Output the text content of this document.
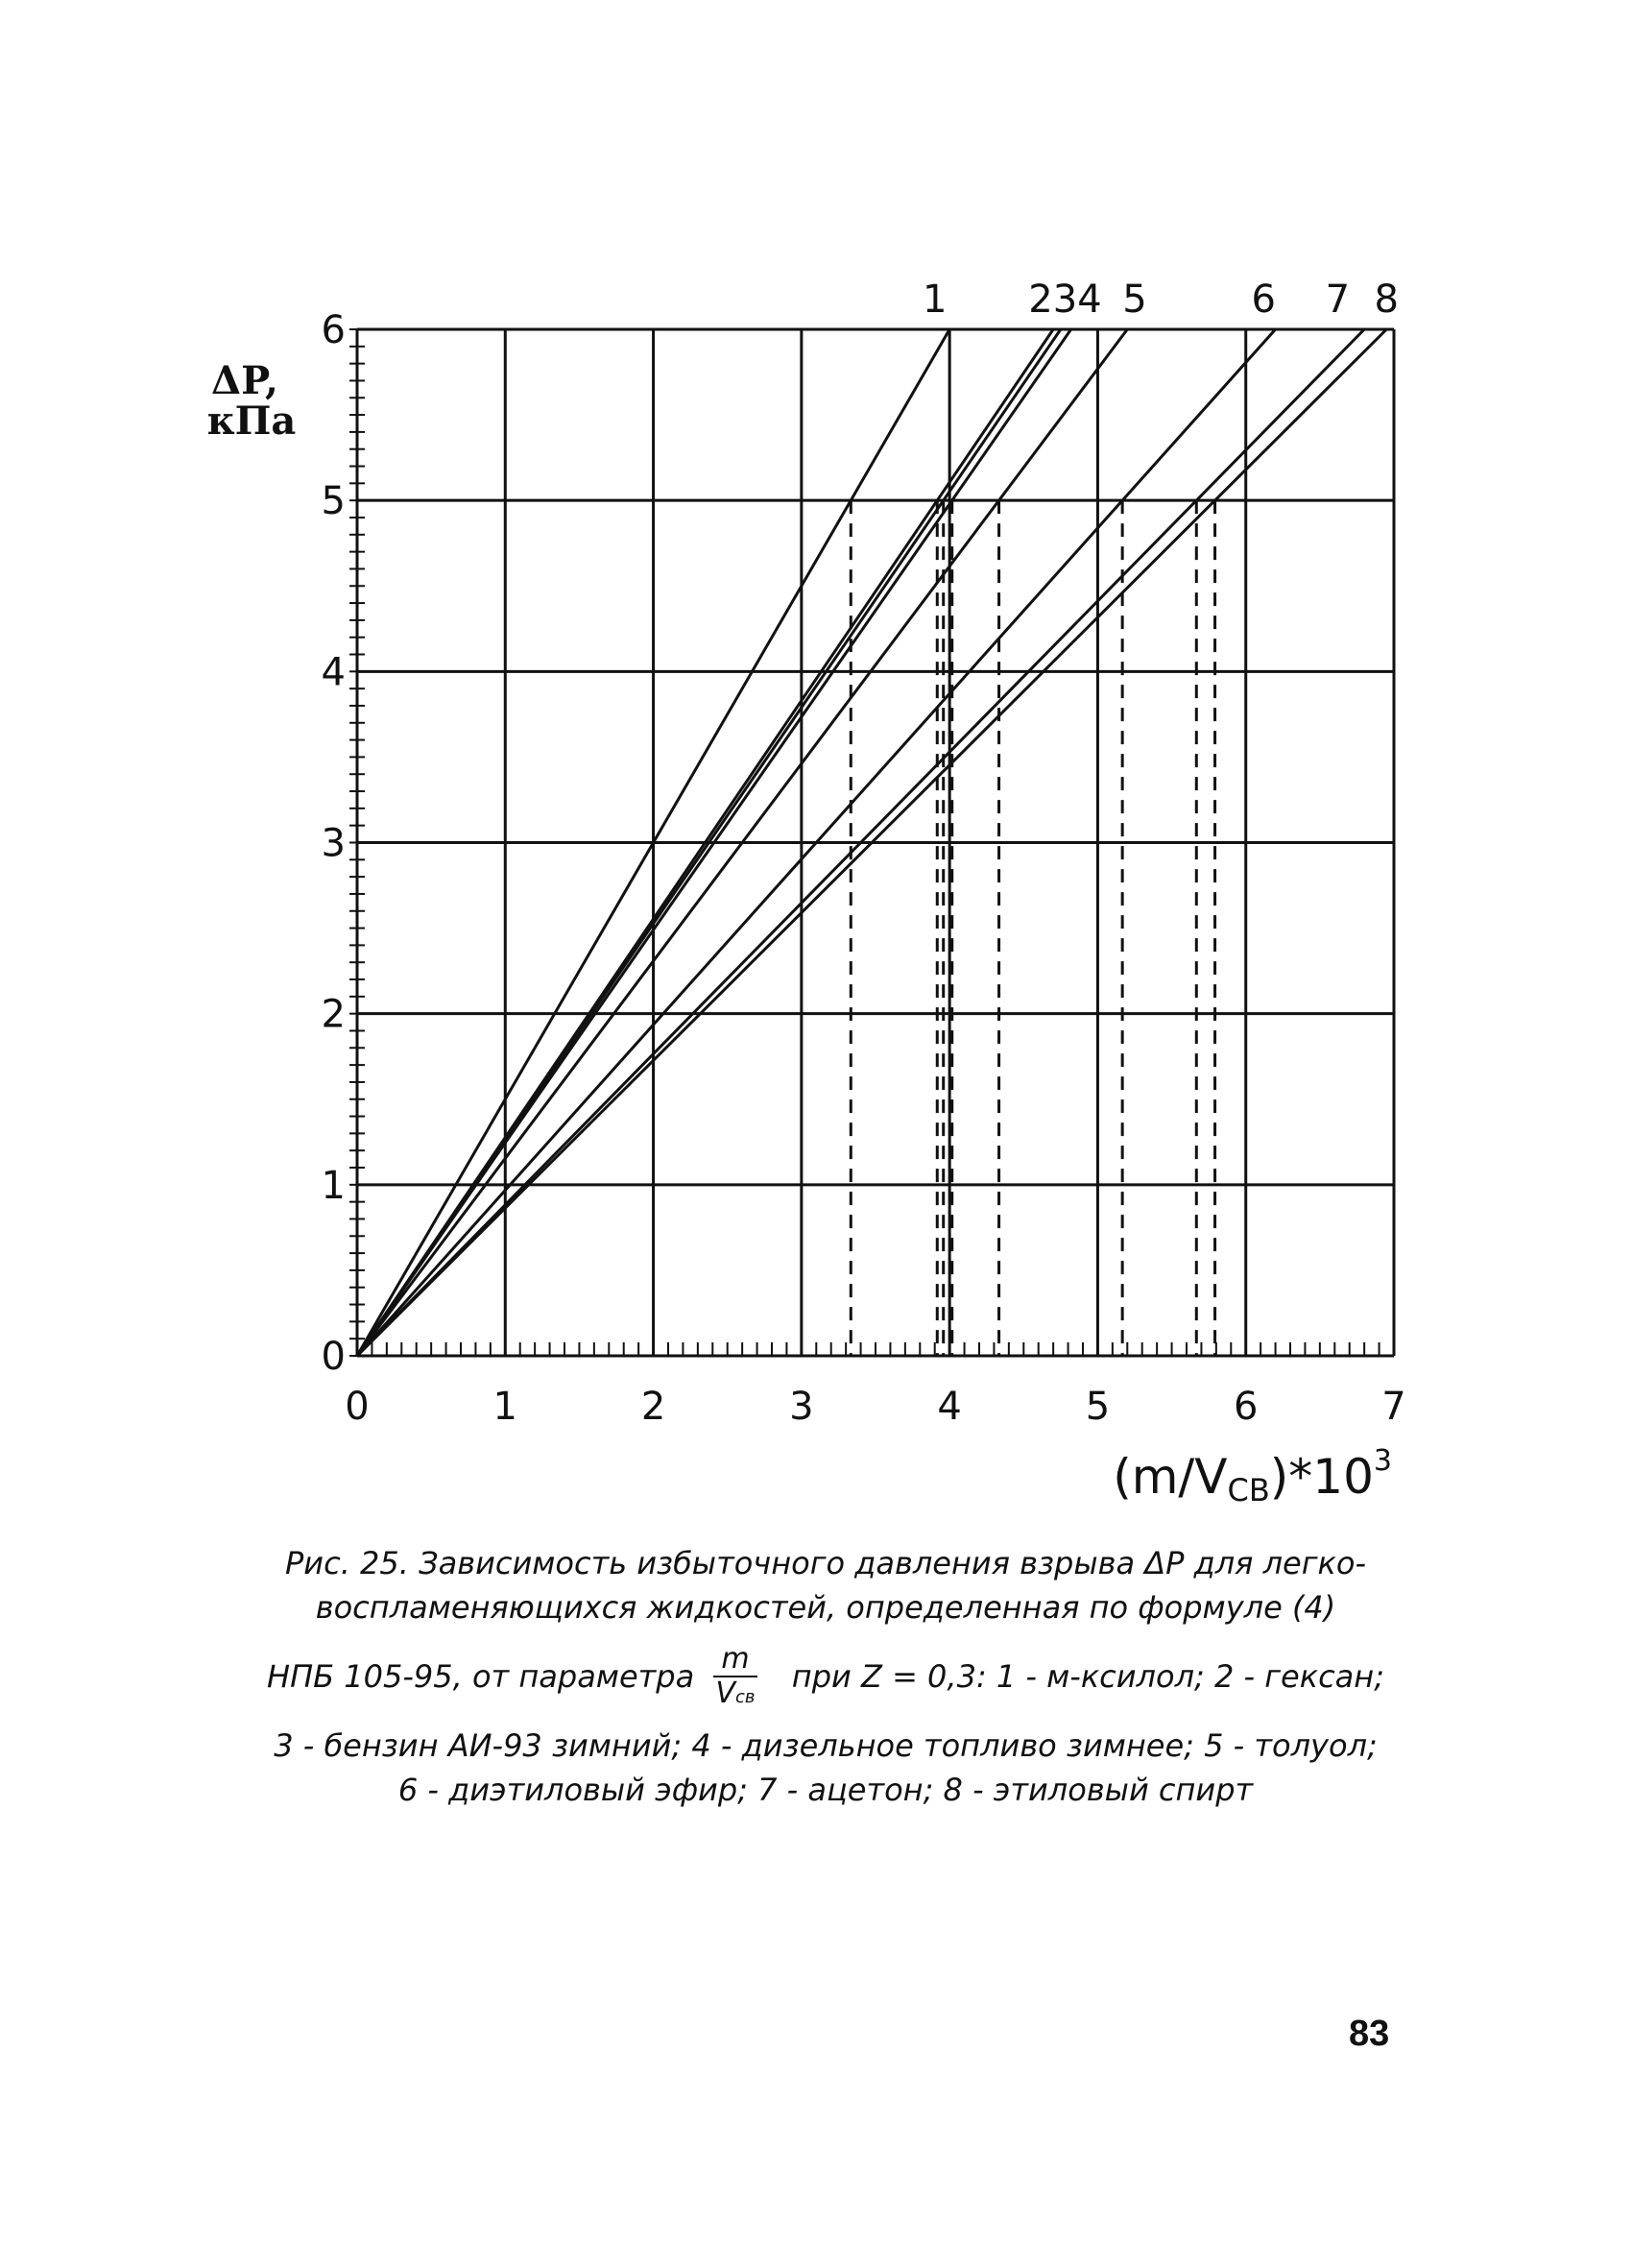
0	1	2	3	4	5	6	7
0
1
2
3
4
5
6
1 234 5	6 7 8
ΔP,
кПа
$(m/VСВ)*10^3$
Рис. 25. Зависимость избыточного давления взрыва ΔР для легко-
воспламеняющихся жидкостей, определенная по формуле (4)
НПБ 105-95, от параметра $\frac{m}{\text{Vсв}}$ при Z = 0,3: 1 - м-ксилол; 2 - гексан;
3 - бензин АИ-93 зимний; 4 - дизельное топливо зимнее; 5 - толуол;
6 - диэтиловый эфир; 7 - ацетон; 8 - этиловый спирт
83
